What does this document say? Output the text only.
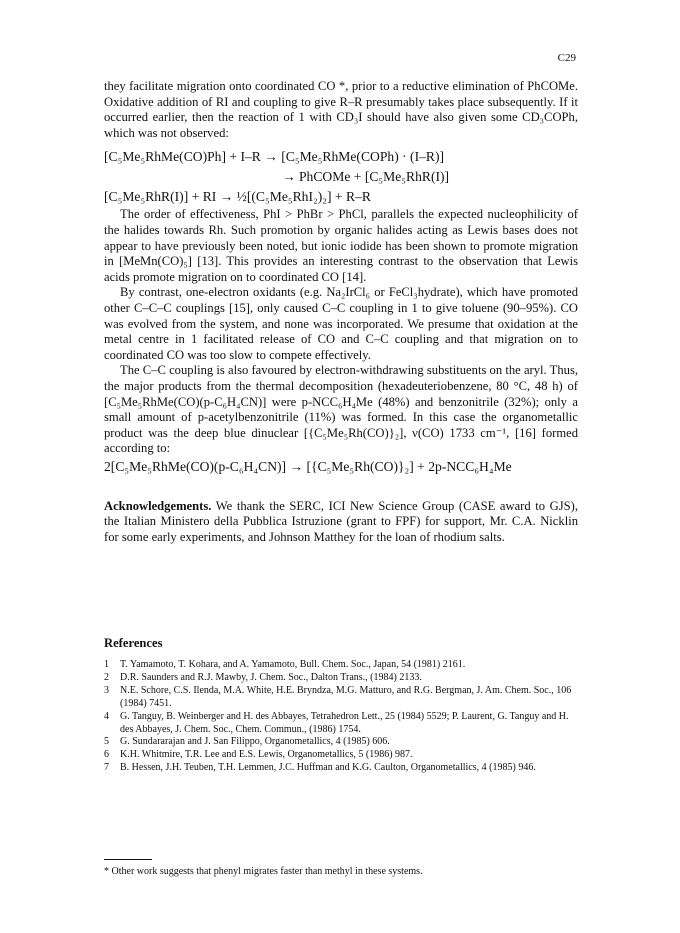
C29

they facilitate migration onto coordinated CO *, prior to a reductive elimination of PhCOMe. Oxidative addition of RI and coupling to give R–R presumably takes place subsequently. If it occurred earlier, then the reaction of 1 with CD₃I should have also given some CD₃COPh, which was not observed:

[C₅Me₅RhMe(CO)Ph] + I–R → [C₅Me₅RhMe(COPh) · (I–R)]
→ PhCOMe + [C₅Me₅RhR(I)]
[C₅Me₅RhR(I)] + RI → ½[(C₅Me₅RhI₂)₂] + R–R

The order of effectiveness, PhI > PhBr > PhCl, parallels the expected nucleophilicity of the halides towards Rh. Such promotion by organic halides acting as Lewis bases does not appear to have previously been noted, but ionic iodide has been shown to promote migration in [MeMn(CO)₅] [13]. This provides an interesting contrast to the observation that Lewis acids promote migration on to coordinated CO [14].

By contrast, one-electron oxidants (e.g. Na₂IrCl₆ or FeCl₃hydrate), which have promoted other C–C–C couplings [15], only caused C–C coupling in 1 to give toluene (90–95%). CO was evolved from the system, and none was incorporated. We presume that oxidation at the metal centre in 1 facilitated release of CO and C–C coupling and that migration on to coordinated CO was too slow to compete effectively.

The C–C coupling is also favoured by electron-withdrawing substituents on the aryl. Thus, the major products from the thermal decomposition (hexadeuteriobenzene, 80 °C, 48 h) of [C₅Me₅RhMe(CO)(p-C₆H₄CN)] were p-NCC₆H₄Me (48%) and benzonitrile (32%); only a small amount of p-acetylbenzonitrile (11%) was formed. In this case the organometallic product was the deep blue dinuclear [{C₅Me₅Rh(CO)}₂], ν(CO) 1733 cm⁻¹, [16] formed according to:

2[C₅Me₅RhMe(CO)(p-C₆H₄CN)] → [{C₅Me₅Rh(CO)}₂] + 2p-NCC₆H₄Me

Acknowledgements. We thank the SERC, ICI New Science Group (CASE award to GJS), the Italian Ministero della Pubblica Istruzione (grant to FPF) for support, Mr. C.A. Nicklin for some early experiments, and Johnson Matthey for the loan of rhodium salts.

References
1 T. Yamamoto, T. Kohara, and A. Yamamoto, Bull. Chem. Soc., Japan, 54 (1981) 2161.
2 D.R. Saunders and R.J. Mawby, J. Chem. Soc., Dalton Trans., (1984) 2133.
3 N.E. Schore, C.S. Ilenda, M.A. White, H.E. Bryndza, M.G. Matturo, and R.G. Bergman, J. Am. Chem. Soc., 106 (1984) 7451.
4 G. Tanguy, B. Weinberger and H. des Abbayes, Tetrahedron Lett., 25 (1984) 5529; P. Laurent, G. Tanguy and H. des Abbayes, J. Chem. Soc., Chem. Commun., (1986) 1754.
5 G. Sundararajan and J. San Filippo, Organometallics, 4 (1985) 606.
6 K.H. Whitmire, T.R. Lee and E.S. Lewis, Organometallics, 5 (1986) 987.
7 B. Hessen, J.H. Teuben, T.H. Lemmen, J.C. Huffman and K.G. Caulton, Organometallics, 4 (1985) 946.
* Other work suggests that phenyl migrates faster than methyl in these systems.
